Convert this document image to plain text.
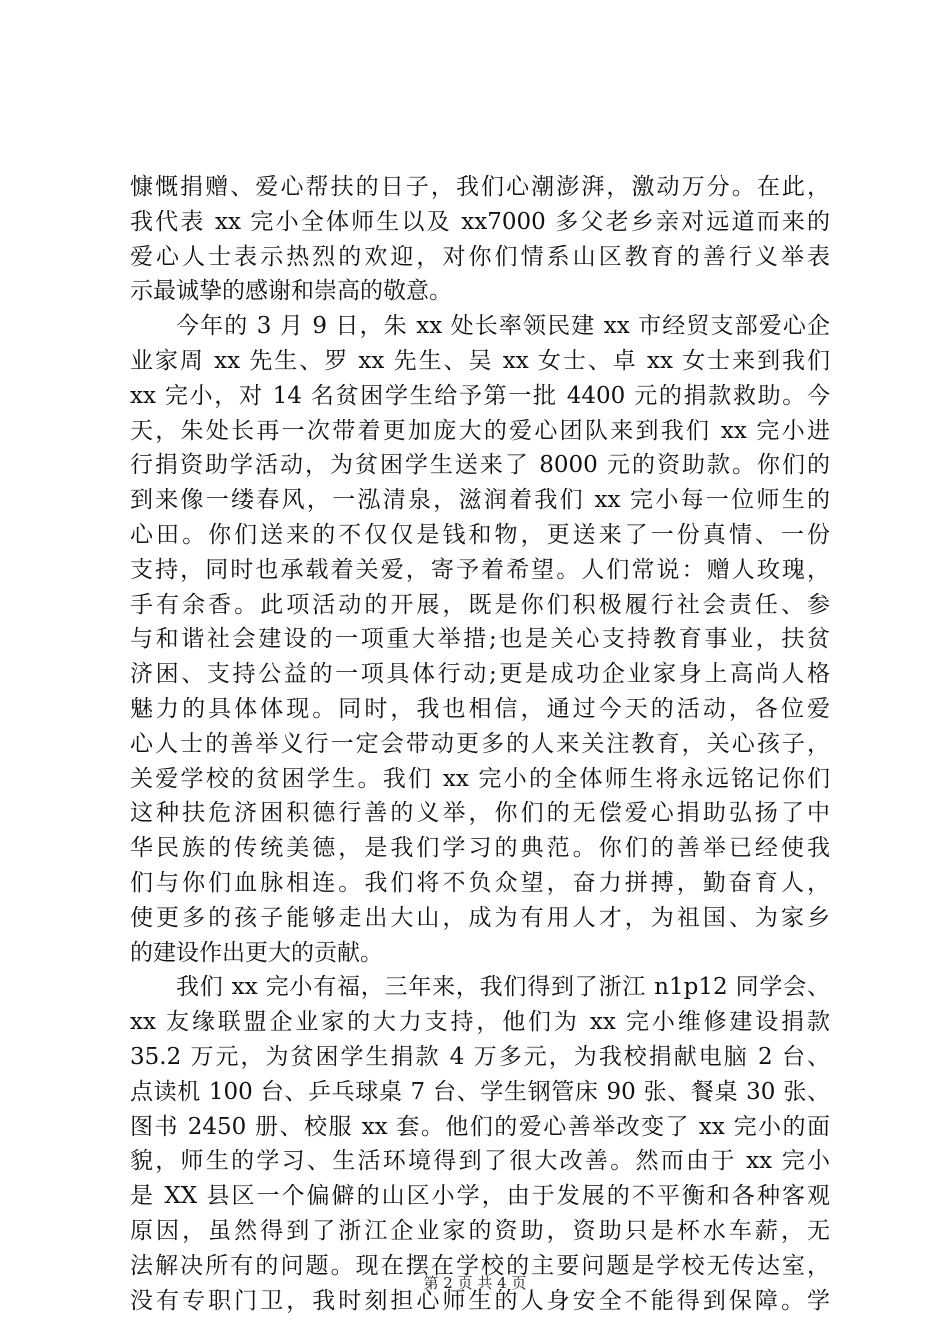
慷慨捐赠、爱心帮扶的日子，我们心潮澎湃，激动万分。在此，
我代表 xx 完小全体师生以及 xx7000 多父老乡亲对远道而来的
爱心人士表示热烈的欢迎，对你们情系山区教育的善行义举表
示最诚挚的感谢和崇高的敬意。
今年的 3 月 9 日，朱 xx 处长率领民建 xx 市经贸支部爱心企
业家周 xx 先生、罗 xx 先生、吴 xx 女士、卓 xx 女士来到我们
xx 完小，对 14 名贫困学生给予第一批 4400 元的捐款救助。今
天，朱处长再一次带着更加庞大的爱心团队来到我们 xx 完小进
行捐资助学活动，为贫困学生送来了 8000 元的资助款。你们的
到来像一缕春风，一泓清泉，滋润着我们 xx 完小每一位师生的
心田。你们送来的不仅仅是钱和物，更送来了一份真情、一份
支持，同时也承载着关爱，寄予着希望。人们常说：赠人玫瑰，
手有余香。此项活动的开展，既是你们积极履行社会责任、参
与和谐社会建设的一项重大举措;也是关心支持教育事业，扶贫
济困、支持公益的一项具体行动;更是成功企业家身上高尚人格
魅力的具体体现。同时，我也相信，通过今天的活动，各位爱
心人士的善举义行一定会带动更多的人来关注教育，关心孩子，
关爱学校的贫困学生。我们 xx 完小的全体师生将永远铭记你们
这种扶危济困积德行善的义举，你们的无偿爱心捐助弘扬了中
华民族的传统美德，是我们学习的典范。你们的善举已经使我
们与你们血脉相连。我们将不负众望，奋力拼搏，勤奋育人，
使更多的孩子能够走出大山，成为有用人才，为祖国、为家乡
的建设作出更大的贡献。
我们 xx 完小有福，三年来，我们得到了浙江 n1p12 同学会、
xx 友缘联盟企业家的大力支持，他们为 xx 完小维修建设捐款
35.2 万元，为贫困学生捐款 4 万多元，为我校捐献电脑 2 台、
点读机 100 台、乒乓球桌 7 台、学生钢管床 90 张、餐桌 30 张、
图书 2450 册、校服 xx 套。他们的爱心善举改变了 xx 完小的面
貌，师生的学习、生活环境得到了很大改善。然而由于 xx 完小
是 XX 县区一个偏僻的山区小学，由于发展的不平衡和各种客观
原因，虽然得到了浙江企业家的资助，资助只是杯水车薪，无
法解决所有的问题。现在摆在学校的主要问题是学校无传达室，
没有专职门卫，我时刻担心师生的人身安全不能得到保障。学
第 2 页 共 4 页
